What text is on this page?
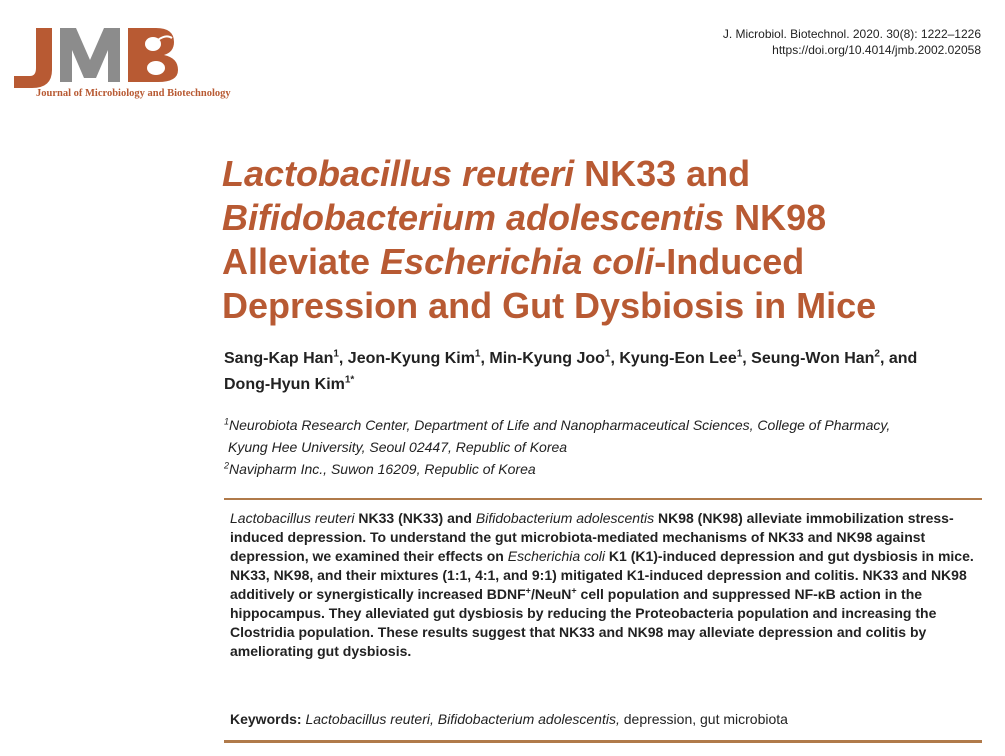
Journal of Microbiology and Biotechnology
J. Microbiol. Biotechnol. 2020. 30(8): 1222–1226
https://doi.org/10.4014/jmb.2002.02058
Lactobacillus reuteri NK33 and
Bifidobacterium adolescentis NK98
Alleviate Escherichia coli-Induced
Depression and Gut Dysbiosis in Mice
Sang-Kap Han$^1$, Jeon-Kyung Kim$^1$, Min-Kyung Joo$^1$, Kyung-Eon Lee$^1$, Seung-Won Han$^2$, and
Dong-Hyun Kim$^{1*}$
$^1$Neurobiota Research Center, Department of Life and Nanopharmaceutical Sciences, College of Pharmacy,
Kyung Hee University, Seoul 02447, Republic of Korea
$^2$Navipharm Inc., Suwon 16209, Republic of Korea

Lactobacillus reuteri NK33 (NK33) and Bifidobacterium adolescentis NK98 (NK98) alleviate immobilization stress-induced depression. To understand the gut microbiota-mediated mechanisms of NK33 and NK98 against depression, we examined their effects on Escherichia coli K1 (K1)-induced depression and gut dysbiosis in mice. NK33, NK98, and their mixtures (1:1, 4:1, and 9:1) mitigated K1-induced depression and colitis. NK33 and NK98 additively or synergistically increased BDNF+/NeuN+ cell population and suppressed NF-κB action in the hippocampus. They alleviated gut dysbiosis by reducing the Proteobacteria population and increasing the Clostridia population. These results suggest that NK33 and NK98 may alleviate depression and colitis by ameliorating gut dysbiosis.

Keywords: Lactobacillus reuteri, Bifidobacterium adolescentis, depression, gut microbiota
